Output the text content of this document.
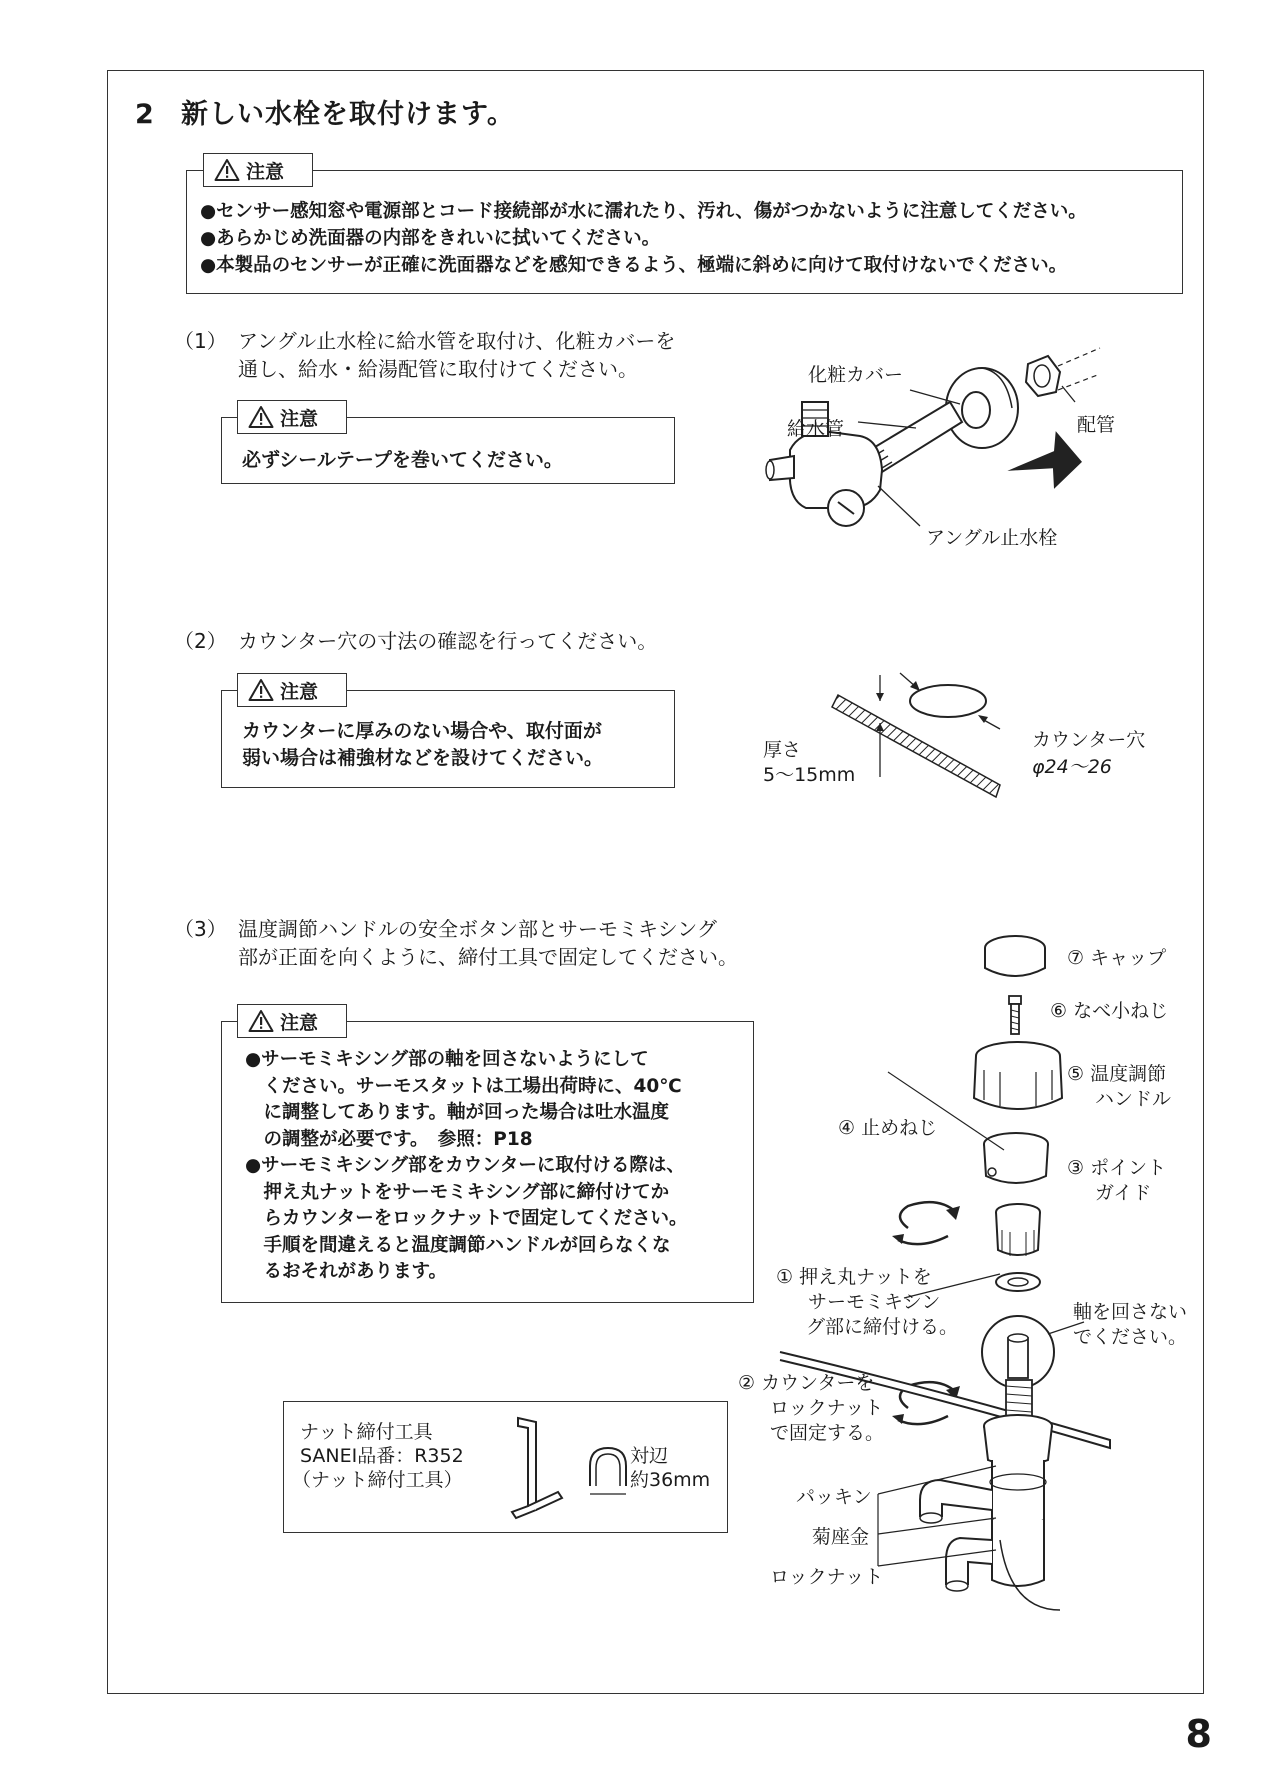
2 新しい水栓を取付けます。
注意
●センサー感知窓や電源部とコード接続部が水に濡れたり、汚れ、傷がつかないように注意してください。
●あらかじめ洗面器の内部をきれいに拭いてください。
●本製品のセンサーが正確に洗面器などを感知できるよう、極端に斜めに向けて取付けないでください。
（1） アングル止水栓に給水管を取付け、化粧カバーを
通し、給水・給湯配管に取付けてください。
注意
必ずシールテープを巻いてください。
化粧カバー
給水管	配管
アングル止水栓
（2） カウンター穴の寸法の確認を行ってください。
注意
カウンターに厚みのない場合や、取付面が
弱い場合は補強材などを設けてください。	厚さ
5〜15mm
カウンター穴
φ24〜26
（3） 温度調節ハンドルの安全ボタン部とサーモミキシング
部が正面を向くように、締付工具で固定してください。
注意
●サーモミキシング部の軸を回さないようにして
　ください。サーモスタットは工場出荷時に、40℃
　に調整してあります。軸が回った場合は吐水温度
　の調整が必要です。　参照：P18
●サーモミキシング部をカウンターに取付ける際は、
　押え丸ナットをサーモミキシング部に締付けてか
　らカウンターをロックナットで固定してください。
　手順を間違えると温度調節ハンドルが回らなくな
　るおそれがあります。
ナット締付工具
SANEI品番：R352
（ナット締付工具）
対辺
約36mm
⑦ キャップ
⑥ なべ小ねじ
⑤ 温度調節
ハンドル
④ 止めねじ
③ ポイント
ガイド
① 押え丸ナットを
サーモミキシン
グ部に締付ける。
軸を回さない
でください。
② カウンターを
ロックナット
で固定する。
パッキン
菊座金
ロックナット
8
